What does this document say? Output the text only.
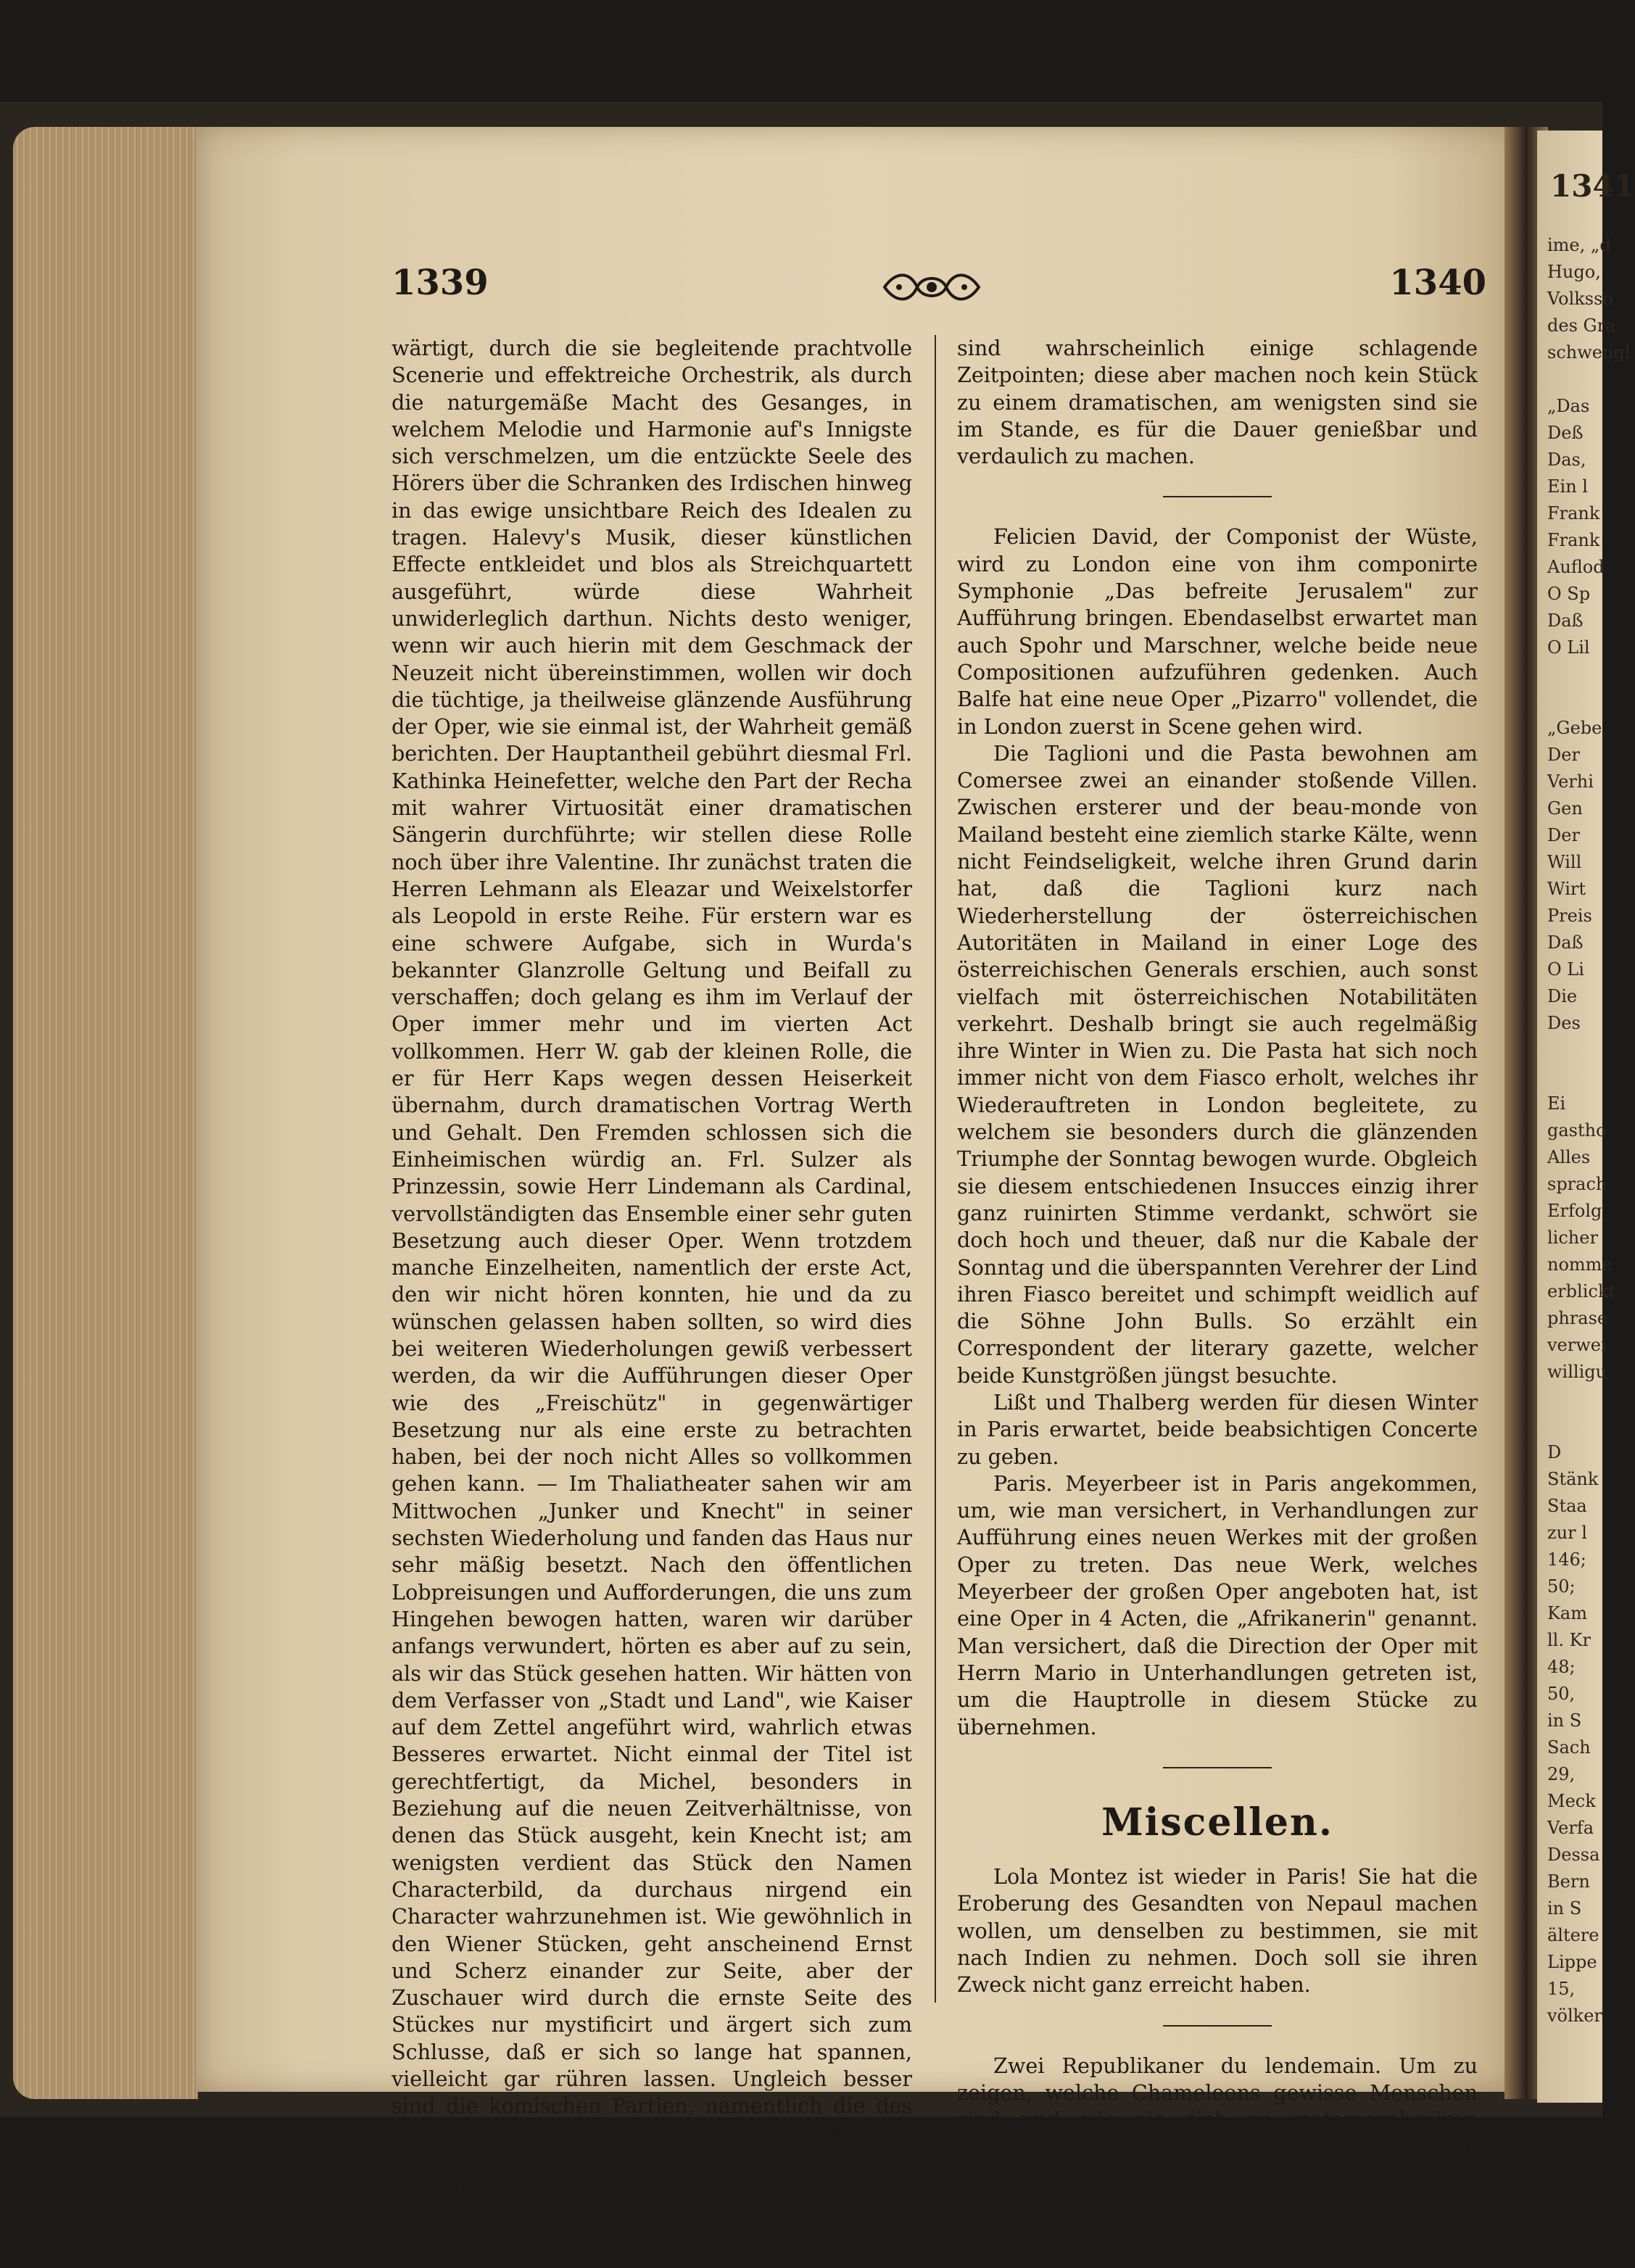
1341
ime, „d
Hugo,
Volksso
des Gra
schwengl

„Das
Deß
Das,
Ein l
Frank
Frank
Auflod
O Sp
Daß
O Lil

„Gebe
Der
Verhi
Gen
Der
Will
Wirt
Preis
Daß
O Li
Die
Des

Ei
gastho
Alles
sprach
Erfolg
licher
nomme
erblickt
phrase
verwei
willigu

D
Stänk
Staa
zur l
146;
50;
Kam
ll. Kr
48;
50,
in S
Sach
29,
Meck
Verfa
Dessa
Bern
in S
ältere
Lippe
15,
völker
1339	1340

wärtigt, durch die sie begleitende prachtvolle Scenerie und effektreiche Orchestrik, als durch die naturgemäße Macht des Gesanges, in welchem Melodie und Harmonie auf's Innigste sich verschmelzen, um die entzückte Seele des Hörers über die Schranken des Irdischen hinweg in das ewige unsichtbare Reich des Idealen zu tragen. Halevy's Musik, dieser künstlichen Effecte entkleidet und blos als Streichquartett ausgeführt, würde diese Wahrheit unwiderleglich darthun. Nichts desto weniger, wenn wir auch hierin mit dem Geschmack der Neuzeit nicht übereinstimmen, wollen wir doch die tüchtige, ja theilweise glänzende Ausführung der Oper, wie sie einmal ist, der Wahrheit gemäß berichten. Der Hauptantheil gebührt diesmal Frl. Kathinka Heinefetter, welche den Part der Recha mit wahrer Virtuosität einer dramatischen Sängerin durchführte; wir stellen diese Rolle noch über ihre Valentine. Ihr zunächst traten die Herren Lehmann als Eleazar und Weixelstorfer als Leopold in erste Reihe. Für erstern war es eine schwere Aufgabe, sich in Wurda's bekannter Glanzrolle Geltung und Beifall zu verschaffen; doch gelang es ihm im Verlauf der Oper immer mehr und im vierten Act vollkommen. Herr W. gab der kleinen Rolle, die er für Herr Kaps wegen dessen Heiserkeit übernahm, durch dramatischen Vortrag Werth und Gehalt. Den Fremden schlossen sich die Einheimischen würdig an. Frl. Sulzer als Prinzessin, sowie Herr Lindemann als Cardinal, vervollständigten das Ensemble einer sehr guten Besetzung auch dieser Oper. Wenn trotzdem manche Einzelheiten, namentlich der erste Act, den wir nicht hören konnten, hie und da zu wünschen gelassen haben sollten, so wird dies bei weiteren Wiederholungen gewiß verbessert werden, da wir die Aufführungen dieser Oper wie des „Freischütz" in gegenwärtiger Besetzung nur als eine erste zu betrachten haben, bei der noch nicht Alles so vollkommen gehen kann. — Im Thaliatheater sahen wir am Mittwochen „Junker und Knecht" in seiner sechsten Wiederholung und fanden das Haus nur sehr mäßig besetzt. Nach den öffentlichen Lobpreisungen und Aufforderungen, die uns zum Hingehen bewogen hatten, waren wir darüber anfangs verwundert, hörten es aber auf zu sein, als wir das Stück gesehen hatten. Wir hätten von dem Verfasser von „Stadt und Land", wie Kaiser auf dem Zettel angeführt wird, wahrlich etwas Besseres erwartet. Nicht einmal der Titel ist gerechtfertigt, da Michel, besonders in Beziehung auf die neuen Zeitverhältnisse, von denen das Stück ausgeht, kein Knecht ist; am wenigsten verdient das Stück den Namen Characterbild, da durchaus nirgend ein Character wahrzunehmen ist. Wie gewöhnlich in den Wiener Stücken, geht anscheinend Ernst und Scherz einander zur Seite, aber der Zuschauer wird durch die ernste Seite des Stückes nur mystificirt und ärgert sich zum Schlusse, daß er sich so lange hat spannen, vielleicht gar rühren lassen. Ungleich besser sind die komischen Partien, namentlich die des Herrn Wilke, der auch den grämlichsten Hypochonder wohl zum Lachen bringen wird. Von dieser Seite allein können auch wir es empfehlen. Was das Publikum wohl zuerst angesprochen hat,

sind wahrscheinlich einige schlagende Zeitpointen; diese aber machen noch kein Stück zu einem dramatischen, am wenigsten sind sie im Stande, es für die Dauer genießbar und verdaulich zu machen.

Felicien David, der Componist der Wüste, wird zu London eine von ihm componirte Symphonie „Das befreite Jerusalem" zur Aufführung bringen. Ebendaselbst erwartet man auch Spohr und Marschner, welche beide neue Compositionen aufzuführen gedenken. Auch Balfe hat eine neue Oper „Pizarro" vollendet, die in London zuerst in Scene gehen wird.

Die Taglioni und die Pasta bewohnen am Comersee zwei an einander stoßende Villen. Zwischen ersterer und der beau-monde von Mailand besteht eine ziemlich starke Kälte, wenn nicht Feindseligkeit, welche ihren Grund darin hat, daß die Taglioni kurz nach Wiederherstellung der österreichischen Autoritäten in Mailand in einer Loge des österreichischen Generals erschien, auch sonst vielfach mit österreichischen Notabilitäten verkehrt. Deshalb bringt sie auch regelmäßig ihre Winter in Wien zu. Die Pasta hat sich noch immer nicht von dem Fiasco erholt, welches ihr Wiederauftreten in London begleitete, zu welchem sie besonders durch die glänzenden Triumphe der Sonntag bewogen wurde. Obgleich sie diesem entschiedenen Insucces einzig ihrer ganz ruinirten Stimme verdankt, schwört sie doch hoch und theuer, daß nur die Kabale der Sonntag und die überspannten Verehrer der Lind ihren Fiasco bereitet und schimpft weidlich auf die Söhne John Bulls. So erzählt ein Correspondent der literary gazette, welcher beide Kunstgrößen jüngst besuchte.

Lißt und Thalberg werden für diesen Winter in Paris erwartet, beide beabsichtigen Concerte zu geben.

Paris. Meyerbeer ist in Paris angekommen, um, wie man versichert, in Verhandlungen zur Aufführung eines neuen Werkes mit der großen Oper zu treten. Das neue Werk, welches Meyerbeer der großen Oper angeboten hat, ist eine Oper in 4 Acten, die „Afrikanerin" genannt. Man versichert, daß die Direction der Oper mit Herrn Mario in Unterhandlungen getreten ist, um die Hauptrolle in diesem Stücke zu übernehmen.

Miscellen.

Lola Montez ist wieder in Paris! Sie hat die Eroberung des Gesandten von Nepaul machen wollen, um denselben zu bestimmen, sie mit nach Indien zu nehmen. Doch soll sie ihren Zweck nicht ganz erreicht haben.

Zwei Republikaner du lendemain. Um zu zeigen, welche Chameleons gewisse Menschen sind und wie sie sich zu metamorphosiren wissen, wollen wir unsern Lesern ein Pröbchen geben. Lamar-
